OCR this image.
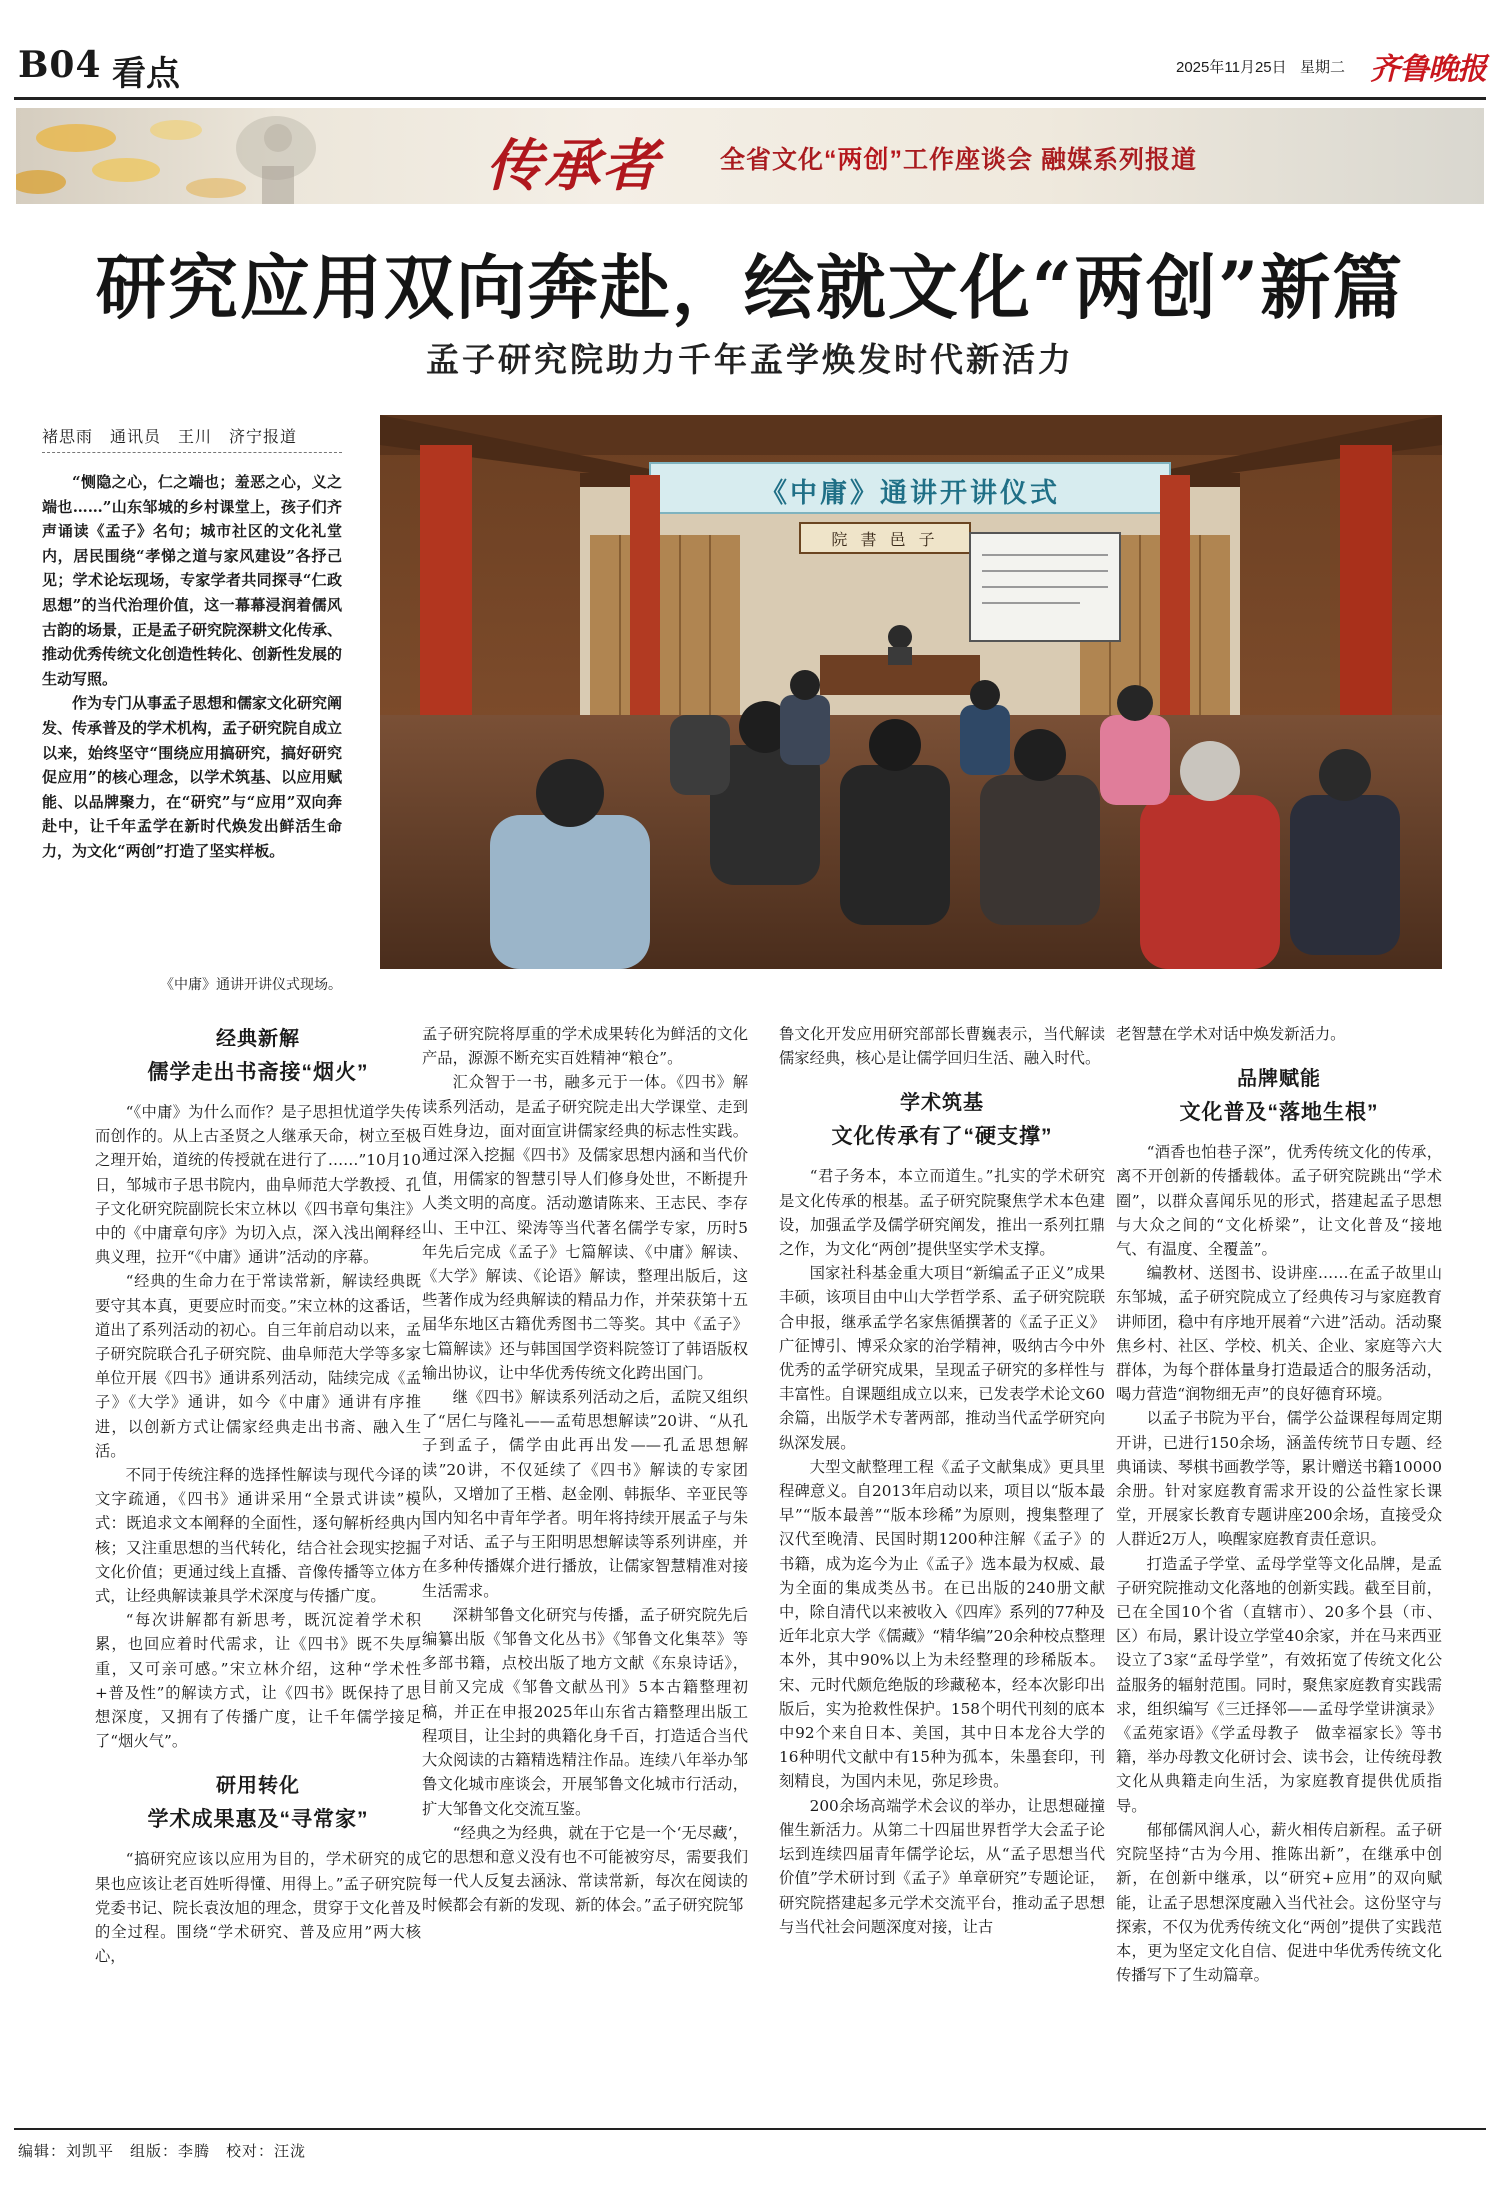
B04 看点	2025年11月25日 星期二 齐鲁晚报
传承者 全省文化“两创”工作座谈会 融媒系列报道
研究应用双向奔赴，绘就文化“两创”新篇
孟子研究院助力千年孟学焕发时代新活力
褚思雨　通讯员　王川　济宁报道

“恻隐之心，仁之端也；羞恶之心，义之端也……”山东邹城的乡村课堂上，孩子们齐声诵读《孟子》名句；城市社区的文化礼堂内，居民围绕“孝悌之道与家风建设”各抒己见；学术论坛现场，专家学者共同探寻“仁政思想”的当代治理价值，这一幕幕浸润着儒风古韵的场景，正是孟子研究院深耕文化传承、推动优秀传统文化创造性转化、创新性发展的生动写照。

作为专门从事孟子思想和儒家文化研究阐发、传承普及的学术机构，孟子研究院自成立以来，始终坚守“围绕应用搞研究，搞好研究促应用”的核心理念，以学术筑基、以应用赋能、以品牌聚力，在“研究”与“应用”双向奔赴中，让千年孟学在新时代焕发出鲜活生命力，为文化“两创”打造了坚实样板。

《中庸》通讲开讲仪式
院 書 邑 子
《中庸》通讲开讲仪式现场。
经典新解
儒学走出书斋接“烟火”

“《中庸》为什么而作？是子思担忧道学失传而创作的。从上古圣贤之人继承天命，树立至极之理开始，道统的传授就在进行了……”10月10日，邹城市子思书院内，曲阜师范大学教授、孔子文化研究院副院长宋立林以《四书章句集注》中的《中庸章句序》为切入点，深入浅出阐释经典义理，拉开“《中庸》通讲”活动的序幕。

“经典的生命力在于常读常新，解读经典既要守其本真，更要应时而变。”宋立林的这番话，道出了系列活动的初心。自三年前启动以来，孟子研究院联合孔子研究院、曲阜师范大学等多家单位开展《四书》通讲系列活动，陆续完成《孟子》《大学》通讲，如今《中庸》通讲有序推进，以创新方式让儒家经典走出书斋、融入生活。

不同于传统注释的选择性解读与现代今译的文字疏通，《四书》通讲采用“全景式讲读”模式：既追求文本阐释的全面性，逐句解析经典内核；又注重思想的当代转化，结合社会现实挖掘文化价值；更通过线上直播、音像传播等立体方式，让经典解读兼具学术深度与传播广度。

“每次讲解都有新思考，既沉淀着学术积累，也回应着时代需求，让《四书》既不失厚重，又可亲可感。”宋立林介绍，这种“学术性+普及性”的解读方式，让《四书》既保持了思想深度，又拥有了传播广度，让千年儒学接足了“烟火气”。

研用转化
学术成果惠及“寻常家”

“搞研究应该以应用为目的，学术研究的成果也应该让老百姓听得懂、用得上。”孟子研究院党委书记、院长袁汝旭的理念，贯穿于文化普及的全过程。围绕“学术研究、普及应用”两大核心，

孟子研究院将厚重的学术成果转化为鲜活的文化产品，源源不断充实百姓精神“粮仓”。

汇众智于一书，融多元于一体。《四书》解读系列活动，是孟子研究院走出大学课堂、走到百姓身边，面对面宣讲儒家经典的标志性实践。通过深入挖掘《四书》及儒家思想内涵和当代价值，用儒家的智慧引导人们修身处世，不断提升人类文明的高度。活动邀请陈来、王志民、李存山、王中江、梁涛等当代著名儒学专家，历时5年先后完成《孟子》七篇解读、《中庸》解读、《大学》解读、《论语》解读，整理出版后，这些著作成为经典解读的精品力作，并荣获第十五届华东地区古籍优秀图书二等奖。其中《孟子》七篇解读》还与韩国国学资料院签订了韩语版权输出协议，让中华优秀传统文化跨出国门。

继《四书》解读系列活动之后，孟院又组织了“居仁与隆礼——孟荀思想解读”20讲、“从孔子到孟子，儒学由此再出发——孔孟思想解读”20讲，不仅延续了《四书》解读的专家团队，又增加了王楷、赵金刚、韩振华、辛亚民等国内知名中青年学者。明年将持续开展孟子与朱子对话、孟子与王阳明思想解读等系列讲座，并在多种传播媒介进行播放，让儒家智慧精准对接生活需求。

深耕邹鲁文化研究与传播，孟子研究院先后编纂出版《邹鲁文化丛书》《邹鲁文化集萃》等多部书籍，点校出版了地方文献《东泉诗话》，目前又完成《邹鲁文献丛刊》5本古籍整理初稿，并正在申报2025年山东省古籍整理出版工程项目，让尘封的典籍化身千百，打造适合当代大众阅读的古籍精选精注作品。连续八年举办邹鲁文化城市座谈会，开展邹鲁文化城市行活动，扩大邹鲁文化交流互鉴。

“经典之为经典，就在于它是一个‘无尽藏’，它的思想和意义没有也不可能被穷尽，需要我们每一代人反复去涵泳、常读常新，每次在阅读的时候都会有新的发现、新的体会。”孟子研究院邹

鲁文化开发应用研究部部长曹巍表示，当代解读儒家经典，核心是让儒学回归生活、融入时代。

学术筑基
文化传承有了“硬支撑”

“君子务本，本立而道生。”扎实的学术研究是文化传承的根基。孟子研究院聚焦学术本色建设，加强孟学及儒学研究阐发，推出一系列扛鼎之作，为文化“两创”提供坚实学术支撑。

国家社科基金重大项目“新编孟子正义”成果丰硕，该项目由中山大学哲学系、孟子研究院联合申报，继承孟学名家焦循撰著的《孟子正义》广征博引、博采众家的治学精神，吸纳古今中外优秀的孟学研究成果，呈现孟子研究的多样性与丰富性。自课题组成立以来，已发表学术论文60余篇，出版学术专著两部，推动当代孟学研究向纵深发展。

大型文献整理工程《孟子文献集成》更具里程碑意义。自2013年启动以来，项目以“版本最早”“版本最善”“版本珍稀”为原则，搜集整理了汉代至晚清、民国时期1200种注解《孟子》的书籍，成为迄今为止《孟子》选本最为权威、最为全面的集成类丛书。在已出版的240册文献中，除自清代以来被收入《四库》系列的77种及近年北京大学《儒藏》“精华编”20余种校点整理本外，其中90%以上为未经整理的珍稀版本。宋、元时代颇危绝版的珍藏秘本，经本次影印出版后，实为抢救性保护。158个明代刊刻的底本中92个来自日本、美国，其中日本龙谷大学的16种明代文献中有15种为孤本，朱墨套印，刊刻精良，为国内未见，弥足珍贵。

200余场高端学术会议的举办，让思想碰撞催生新活力。从第二十四届世界哲学大会孟子论坛到连续四届青年儒学论坛，从“孟子思想当代价值”学术研讨到《孟子》单章研究”专题论证，研究院搭建起多元学术交流平台，推动孟子思想与当代社会问题深度对接，让古

老智慧在学术对话中焕发新活力。

品牌赋能
文化普及“落地生根”

“酒香也怕巷子深”，优秀传统文化的传承，离不开创新的传播载体。孟子研究院跳出“学术圈”，以群众喜闻乐见的形式，搭建起孟子思想与大众之间的“文化桥梁”，让文化普及“接地气、有温度、全覆盖”。

编教材、送图书、设讲座……在孟子故里山东邹城，孟子研究院成立了经典传习与家庭教育讲师团，稳中有序地开展着“六进”活动。活动聚焦乡村、社区、学校、机关、企业、家庭等六大群体，为每个群体量身打造最适合的服务活动，喝力营造“润物细无声”的良好德育环境。

以孟子书院为平台，儒学公益课程每周定期开讲，已进行150余场，涵盖传统节日专题、经典诵读、琴棋书画教学等，累计赠送书籍10000余册。针对家庭教育需求开设的公益性家长课堂，开展家长教育专题讲座200余场，直接受众人群近2万人，唤醒家庭教育责任意识。

打造孟子学堂、孟母学堂等文化品牌，是孟子研究院推动文化落地的创新实践。截至目前，已在全国10个省（直辖市）、20多个县（市、区）布局，累计设立学堂40余家，并在马来西亚设立了3家“孟母学堂”，有效拓宽了传统文化公益服务的辐射范围。同时，聚焦家庭教育实践需求，组织编写《三迁择邻——孟母学堂讲演录》《孟苑家语》《学孟母教子　做幸福家长》等书籍，举办母教文化研讨会、读书会，让传统母教文化从典籍走向生活，为家庭教育提供优质指导。

郁郁儒风润人心，薪火相传启新程。孟子研究院坚持“古为今用、推陈出新”，在继承中创新，在创新中继承，以“研究+应用”的双向赋能，让孟子思想深度融入当代社会。这份坚守与探索，不仅为优秀传统文化“两创”提供了实践范本，更为坚定文化自信、促进中华优秀传统文化传播写下了生动篇章。

编辑：刘凯平　组版：李腾　校对：汪泷
